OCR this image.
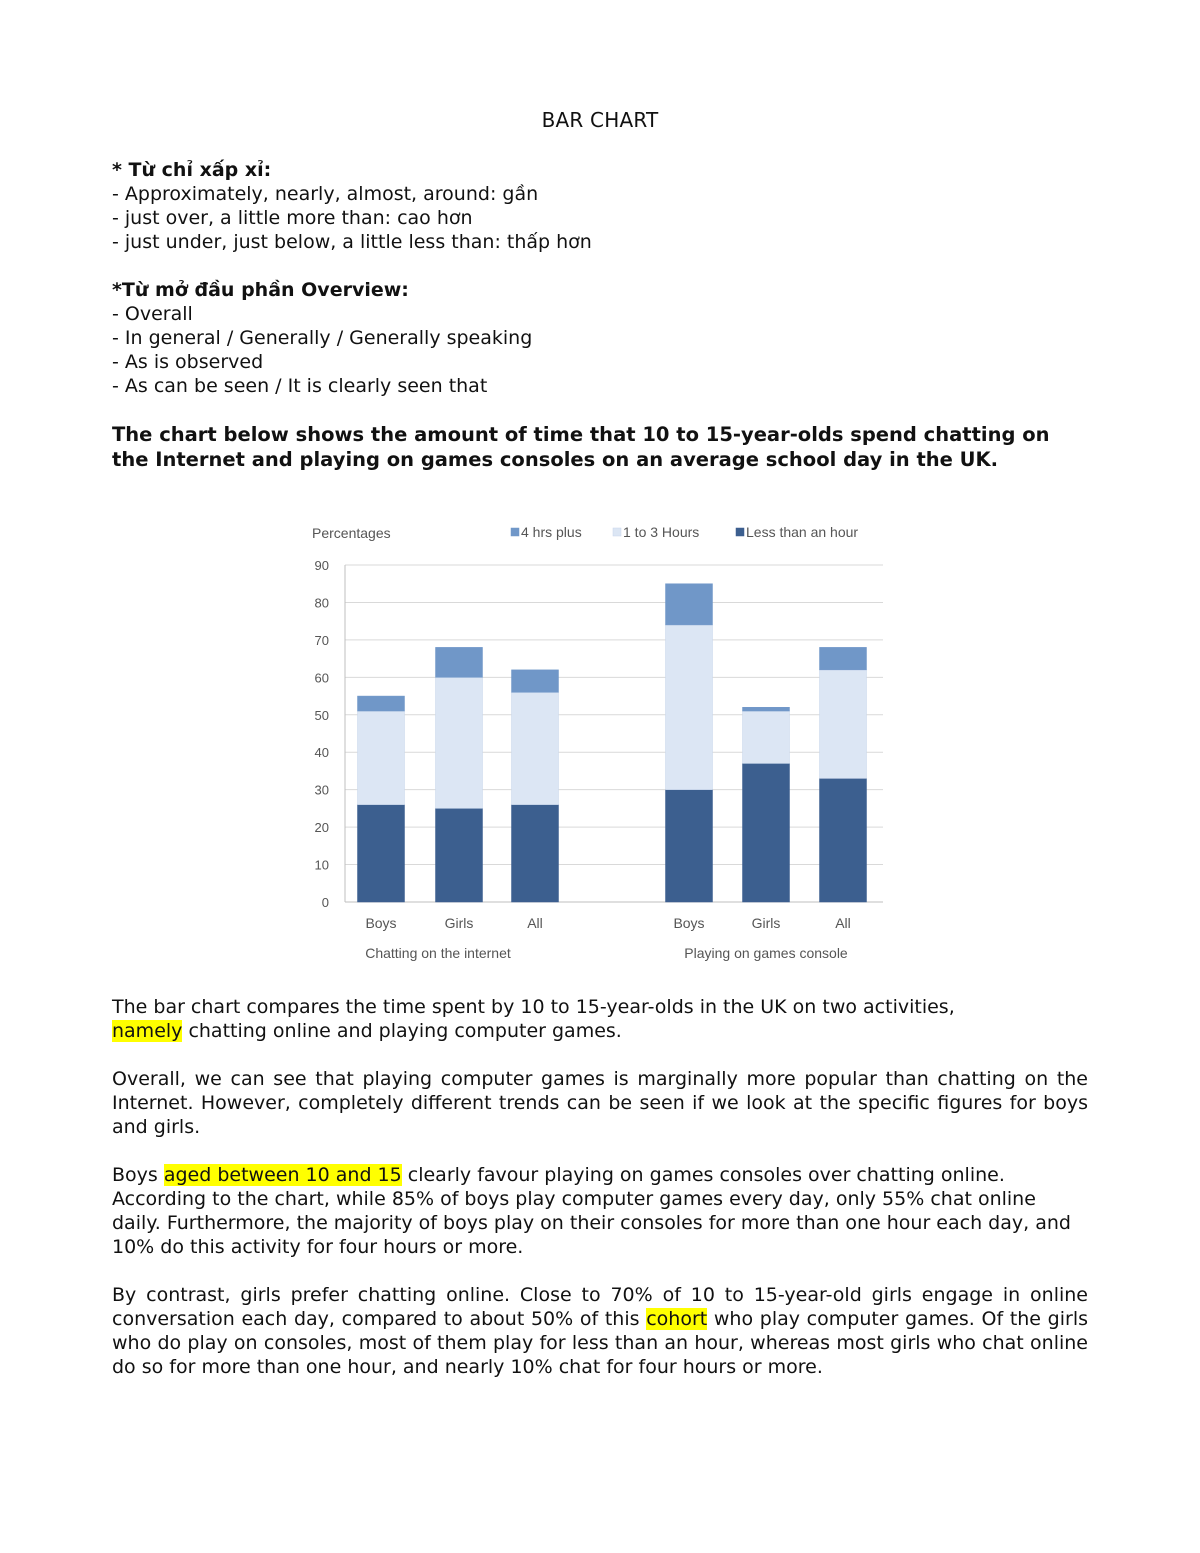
BAR CHART
* Từ chỉ xấp xỉ:
- Approximately, nearly, almost, around: gần
- just over, a little more than: cao hơn
- just under, just below, a little less than: thấp hơn
*Từ mở đầu phần Overview:
- Overall
- In general / Generally / Generally speaking
- As is observed
- As can be seen / It is clearly seen that
The chart below shows the amount of time that 10 to 15-year-olds spend chatting on
the Internet and playing on games consoles on an average school day in the UK.
Percentages	4 hrs plus	1 to 3 Hours	Less than an hour
0
10
20
30
40
50
60
70
80
90
Boys	Girls	All	Boys	Girls	All
Chatting on the internet	Playing on games console

The bar chart compares the time spent by 10 to 15-year-olds in the UK on two activities,
namely chatting online and playing computer games.

Overall, we can see that playing computer games is marginally more popular than chatting on the Internet. However, completely different trends can be seen if we look at the specific figures for boys and girls.

Boys aged between 10 and 15 clearly favour playing on games consoles over chatting online.
According to the chart, while 85% of boys play computer games every day, only 55% chat online daily. Furthermore, the majority of boys play on their consoles for more than one hour each day, and 10% do this activity for four hours or more.

By contrast, girls prefer chatting online. Close to 70% of 10 to 15-year-old girls engage in online conversation each day, compared to about 50% of this cohort who play computer games. Of the girls who do play on consoles, most of them play for less than an hour, whereas most girls who chat online do so for more than one hour, and nearly 10% chat for four hours or more.
